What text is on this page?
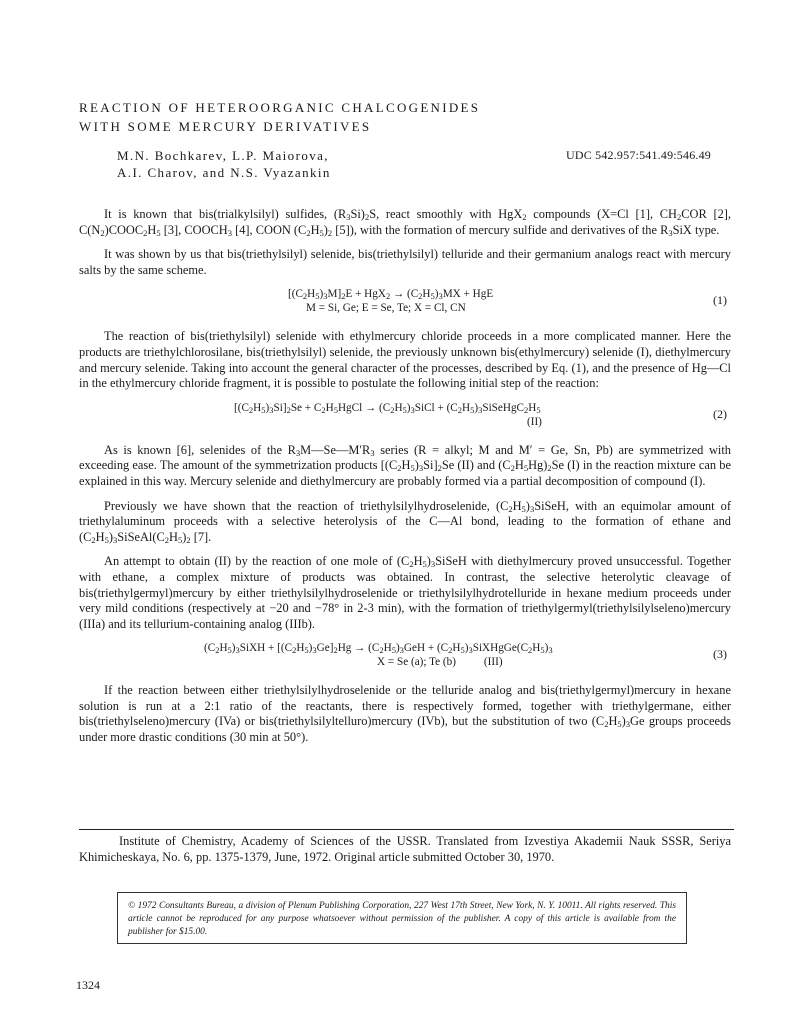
REACTION OF HETEROORGANIC CHALCOGENIDES
WITH SOME MERCURY DERIVATIVES
M.N. Bochkarev, L.P. Maiorova,
A.I. Charov, and N.S. Vyazankin
UDC 542.957:541.49:546.49

It is known that bis(trialkylsilyl) sulfides, $(R_3Si)_2S$, react smoothly with HgX$_2$ compounds (X=Cl [1], $CH_2COR$ [2], $C(N_2)COOC_2H_5$ [3], $COOCH_3$ [4], COON $(C_2H_5)_2$ [5]), with the formation of mercury sulfide and derivatives of the $R_3SiX$ type.

It was shown by us that bis(triethylsilyl) selenide, bis(triethylsilyl) telluride and their germanium analogs react with mercury salts by the same scheme.

$[(C_2H_5)_3M]_2E + HgX_2 \to (C_2H_5)_3MX$ + HgE
M = Si, Ge; E = Se, Te; X = Cl, CN
(1)

The reaction of bis(triethylsilyl) selenide with ethylmercury chloride proceeds in a more complicated manner. Here the products are triethylchlorosilane, bis(triethylsilyl) selenide, the previously unknown bis(ethylmercury) selenide (I), diethylmercury and mercury selenide. Taking into account the general character of the processes, described by Eq. (1), and the presence of Hg—Cl in the ethylmercury chloride fragment, it is possible to postulate the following initial step of the reaction:

$[(C_2H_5)_3Si]_2Se$ + $C_2H_5HgCl$ → $(C_2H_5)_3SiCl$ + $(C_2H_5)_3SiSeHgC_2H_5$
(II)
(2)

As is known [6], selenides of the $R_3M—Se—M'R_3$ series (R = alkyl; M and M′ = Ge, Sn, Pb) are symmetrized with exceeding ease. The amount of the symmetrization products $[(C_2H_5)_3Si]_2Se$ (II) and $(C_2H_5Hg)_2Se$ (I) in the reaction mixture can be explained in this way. Mercury selenide and diethylmercury are probably formed via a partial decomposition of compound (I).

Previously we have shown that the reaction of triethylsilylhydroselenide, $(C_2H_5)_3SiSeH$, with an equimolar amount of triethylaluminum proceeds with a selective heterolysis of the C—Al bond, leading to the formation of ethane and $(C_2H_5)_3SiSeAl(C_2H_5)_2$ [7].

An attempt to obtain (II) by the reaction of one mole of $(C_2H_5)_3SiSeH$ with diethylmercury proved unsuccessful. Together with ethane, a complex mixture of products was obtained. In contrast, the selective heterolytic cleavage of bis(triethylgermyl)mercury by either triethylsilylhydroselenide or triethylsilylhydrotelluride in hexane medium proceeds under very mild conditions (respectively at −20 and −78° in 2-3 min), with the formation of triethylgermyl(triethylsilylseleno)mercury (IIIa) and its tellurium-containing analog (IIIb).

$(C_2H_5)_3SiXH + [(C_2H_5)_3Ge]_2Hg \to (C_2H_5)_3GeH$ + $(C_2H_5)_3SiXHgGe(C_2H_5)_3$
X = Se (a); Te (b)          (III)
(3)

If the reaction between either triethylsilylhydroselenide or the telluride analog and bis(triethylgermyl)mercury in hexane solution is run at a 2:1 ratio of the reactants, there is respectively formed, together with triethylgermane, either bis(triethylseleno)mercury (IVa) or bis(triethylsilyltelluro)mercury (IVb), but the substitution of two $(C_2H_5)_3Ge$ groups proceeds under more drastic conditions (30 min at 50°).

Institute of Chemistry, Academy of Sciences of the USSR. Translated from Izvestiya Akademii Nauk SSSR, Seriya Khimicheskaya, No. 6, pp. 1375-1379, June, 1972. Original article submitted October 30, 1970.
© 1972 Consultants Bureau, a division of Plenum Publishing Corporation, 227 West 17th Street, New York, N. Y. 10011. All rights reserved. This article cannot be reproduced for any purpose whatsoever without permission of the publisher. A copy of this article is available from the publisher for $15.00.
1324
